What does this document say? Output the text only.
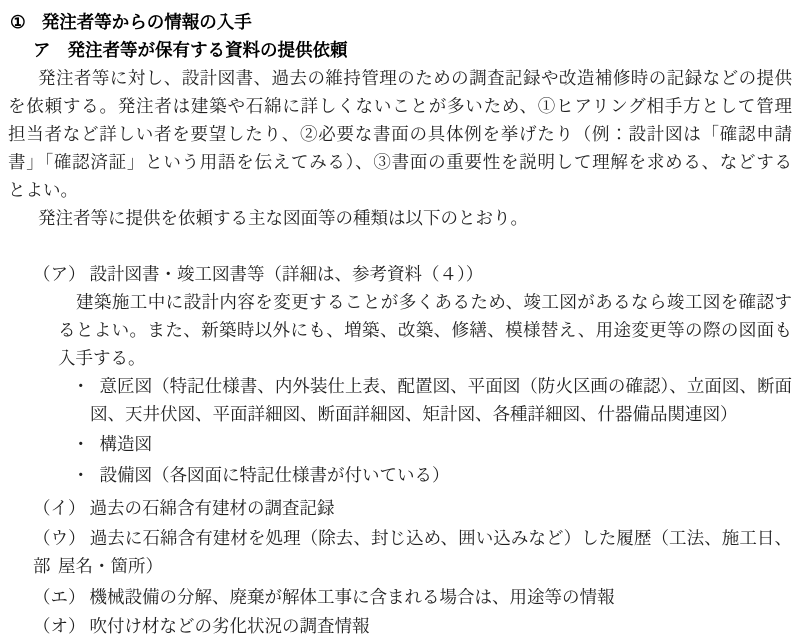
① 発注者等からの情報の入手
ア 発注者等が保有する資料の提供依頼
発注者等に対し、設計図書、過去の維持管理のための調査記録や改造補修時の記録などの提供
を依頼する。発注者は建築や石綿に詳しくないことが多いため、①ヒアリング相手方として管理
担当者など詳しい者を要望したり、②必要な書面の具体例を挙げたり（例：設計図は「確認申請
書」「確認済証」という用語を伝えてみる）、③書面の重要性を説明して理解を求める、などする
とよい。
発注者等に提供を依頼する主な図面等の種類は以下のとおり。
（ア） 設計図書・竣工図書等（詳細は、参考資料（４））
建築施工中に設計内容を変更することが多くあるため、竣工図があるなら竣工図を確認す
るとよい。また、新築時以外にも、増築、改築、修繕、模様替え、用途変更等の際の図面も
入手する。
・ 意匠図（特記仕様書、内外装仕上表、配置図、平面図（防火区画の確認）、立面図、断面
図、天井伏図、平面詳細図、断面詳細図、矩計図、各種詳細図、什器備品関連図）
・ 構造図
・ 設備図（各図面に特記仕様書が付いている）
（イ） 過去の石綿含有建材の調査記録
（ウ） 過去に石綿含有建材を処理（除去、封じ込め、囲い込みなど）した履歴（工法、施工日、部 屋名・箇所）
（エ） 機械設備の分解、廃棄が解体工事に含まれる場合は、用途等の情報
（オ） 吹付け材などの劣化状況の調査情報
